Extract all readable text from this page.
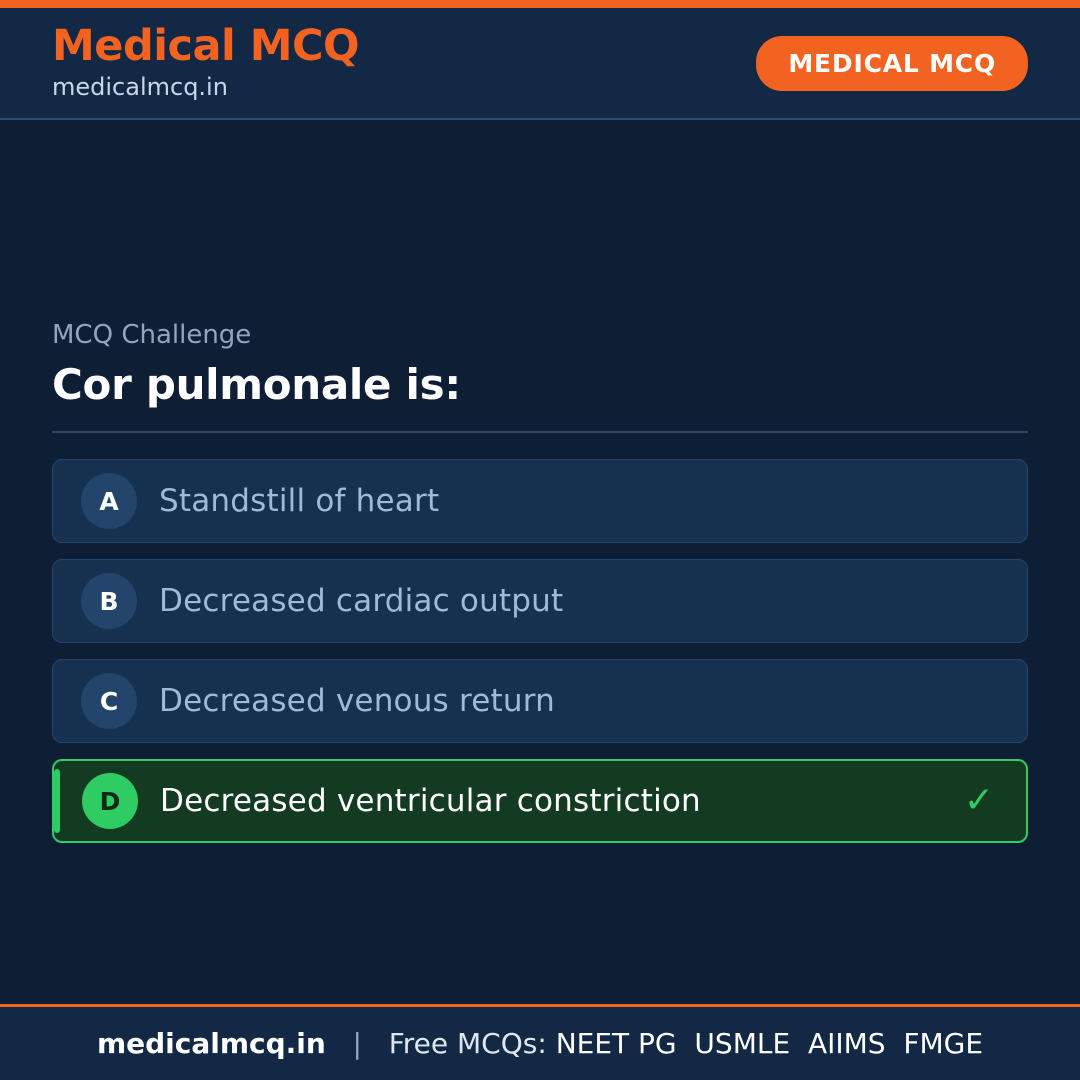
Medical MCQ
medicalmcq.in
MEDICAL MCQ
MCQ Challenge
Cor pulmonale is:
A	Standstill of heart
B	Decreased cardiac output
C	Decreased venous return
D	Decreased ventricular constriction	✓
medicalmcq.in
|
Free MCQs:
NEET PG
USMLE
AIIMS
FMGE
